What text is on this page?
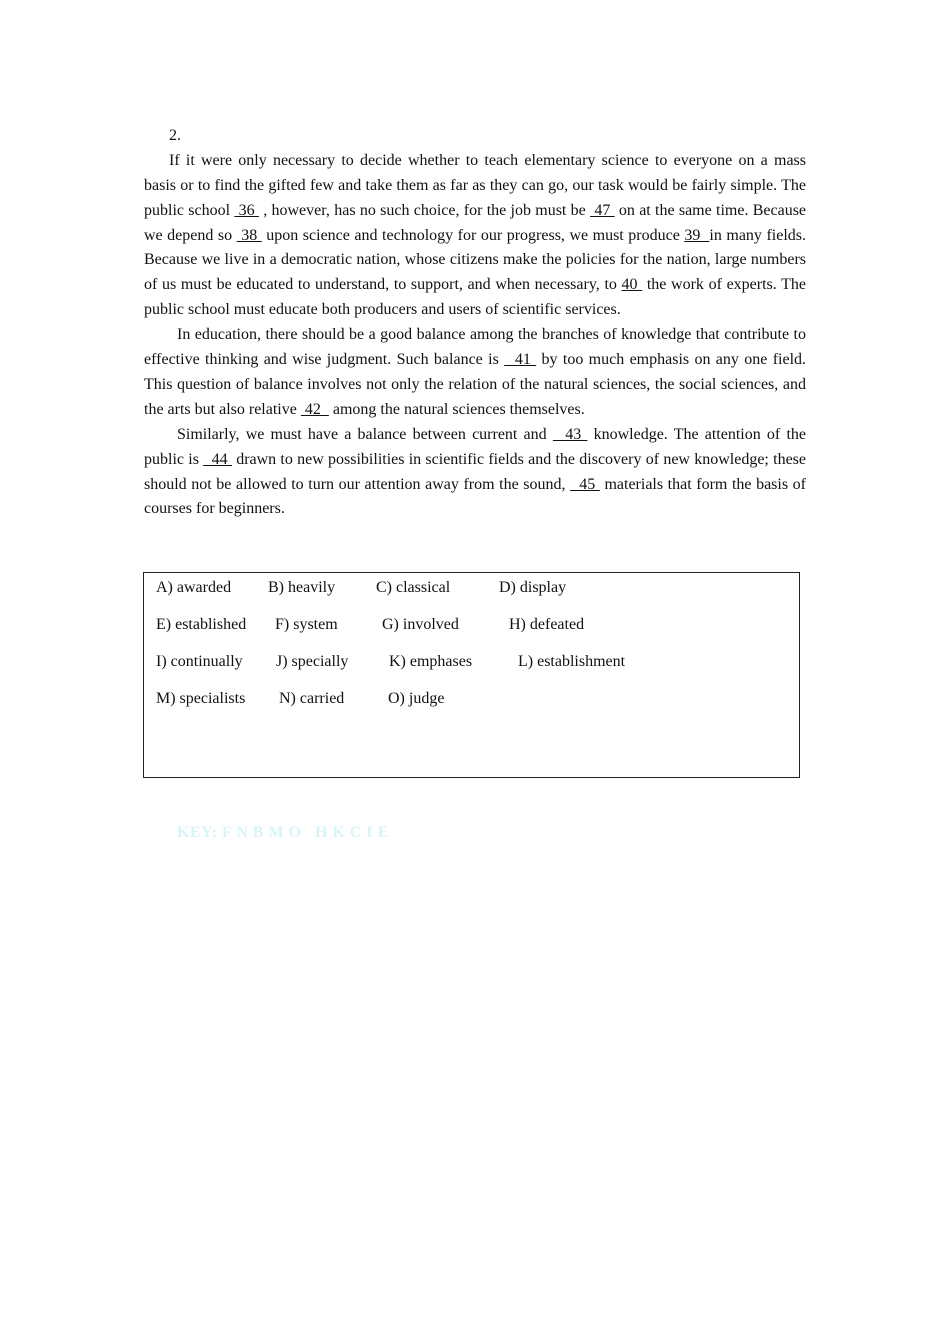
2.

If it were only necessary to decide whether to teach elementary science to everyone on a mass basis or to find the gifted few and take them as far as they can go, our task would be fairly simple. The public school  36  , however, has no such choice, for the job must be  47  on at the same time. Because we depend so  38  upon science and technology for our progress, we must produce 39  in many fields. Because we live in a democratic nation, whose citizens make the policies for the nation, large numbers of us must be educated to understand, to support, and when necessary, to 40  the work of experts. The public school must educate both producers and users of scientific services.

In education, there should be a good balance among the branches of knowledge that contribute to effective thinking and wise judgment. Such balance is   41  by too much emphasis on any one field. This question of balance involves not only the relation of the natural sciences, the social sciences, and the arts but also relative  42   among the natural sciences themselves.

Similarly, we must have a balance between current and   43  knowledge. The attention of the public is   44  drawn to new possibilities in scientific fields and the discovery of new knowledge; these should not be allowed to turn our attention away from the sound,   45  materials that form the basis of courses for beginners.

A) awarded B) heavily	C) classical	D) display
E) established F) system	G) involved	H) defeated
I) continually J) specially	K) emphases	L) establishment
M) specialists N) carried	O) judge
KEY: F N B M O   H K C I E
